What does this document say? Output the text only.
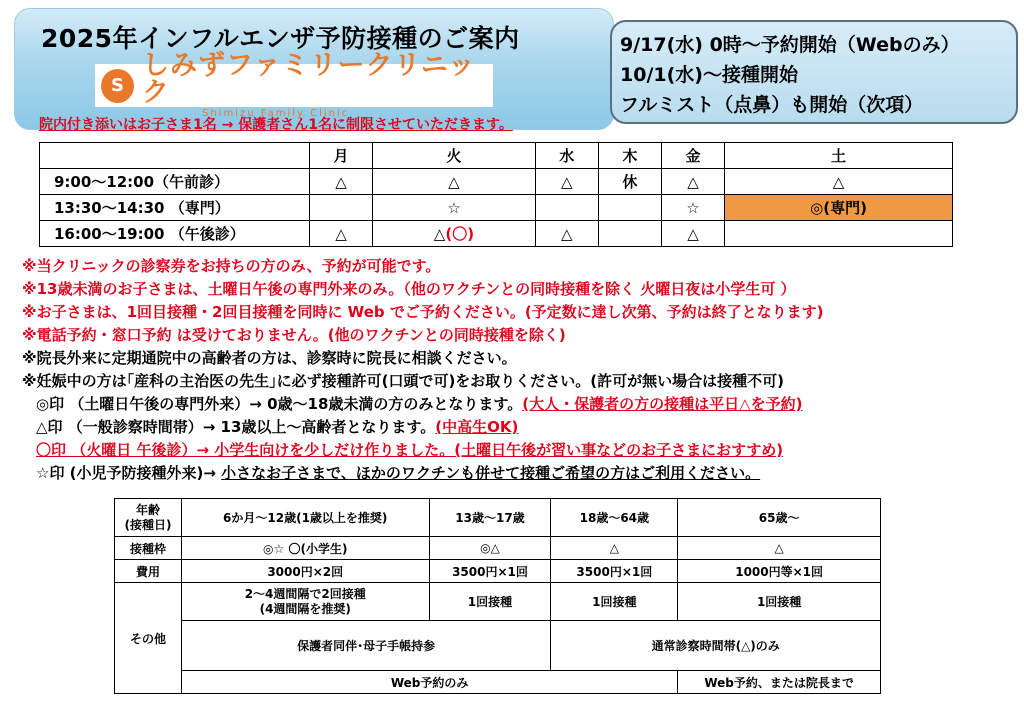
2025年インフルエンザ予防接種のご案内
S
しみずファミリークリニック
Shimizu Family Clinic
院内付き添いはお子さま1名 → 保護者さん1名に制限させていただきます。
9/17(水) 0時～予約開始（Webのみ）
10/1(水)～接種開始
フルミスト（点鼻）も開始（次項）
	月	火	水	木	金	土
9:00～12:00（午前診）	△	△	△	休	△	△
13:30～14:30 （専門）		☆			☆	◎(専門)
16:00～19:00 （午後診）	△	△(〇)	△		△	
※当クリニックの診察券をお持ちの方のみ、予約が可能です。
※13歳未満のお子さまは、土曜日午後の専門外来のみ。（他のワクチンとの同時接種を除く 火曜日夜は小学生可 ）
※お子さまは、1回目接種・2回目接種を同時に Web でご予約ください。(予定数に達し次第、予約は終了となります)
※電話予約・窓口予約 は受けておりません。(他のワクチンとの同時接種を除く)
※院長外来に定期通院中の高齢者の方は、診察時に院長に相談ください。
※妊娠中の方は｢産科の主治医の先生｣に必ず接種許可(口頭で可)をお取りください。(許可が無い場合は接種不可)
◎印 （土曜日午後の専門外来）→ 0歳～18歳未満の方のみとなります。(大人・保護者の方の接種は平日△を予約)
△印 （一般診察時間帯）→ 13歳以上～高齢者となります。(中高生OK)
〇印 （火曜日 午後診）→ 小学生向けを少しだけ作りました。(土曜日午後が習い事などのお子さまにおすすめ)
☆印 (小児予防接種外来)→ 小さなお子さまで、ほかのワクチンも併せて接種ご希望の方はご利用ください。
年齢
(接種日)	6か月～12歳(1歳以上を推奨)	13歳～17歳	18歳～64歳	65歳～
接種枠	◎☆ 〇(小学生)	◎△	△	△
費用	3000円×2回	3500円×1回	3500円×1回	1000円等×1回
その他	2～4週間隔で2回接種
(4週間隔を推奨)	1回接種	1回接種	1回接種
	保護者同伴･母子手帳持参		通常診察時間帯(△)のみ	
	Web予約のみ			Web予約、または院長まで
